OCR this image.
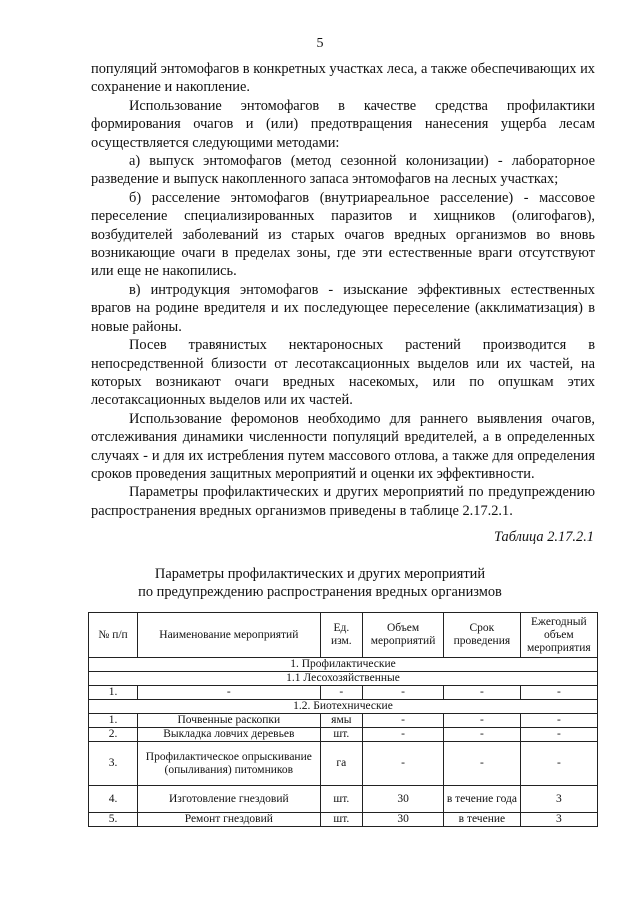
5

популяций энтомофагов в конкретных участках леса, а также обеспечивающих их сохранение и накопление.

Использование энтомофагов в качестве средства профилактики формирования очагов и (или) предотвращения нанесения ущерба лесам осуществляется следующими методами:

а) выпуск энтомофагов (метод сезонной колонизации) - лабораторное разведение и выпуск накопленного запаса энтомофагов на лесных участках;

б) расселение энтомофагов (внутриареальное расселение) - массовое переселение специализированных паразитов и хищников (олигофагов), возбудителей заболеваний из старых очагов вредных организмов во вновь возникающие очаги в пределах зоны, где эти естественные враги отсутствуют или еще не накопились.

в) интродукция энтомофагов - изыскание эффективных естественных врагов на родине вредителя и их последующее переселение (акклиматизация) в новые районы.

Посев травянистых нектароносных растений производится в непосредственной близости от лесотаксационных выделов или их частей, на которых возникают очаги вредных насекомых, или по опушкам этих лесотаксационных выделов или их частей.

Использование феромонов необходимо для раннего выявления очагов, отслеживания динамики численности популяций вредителей, а в определенных случаях - и для их истребления путем массового отлова, а также для определения сроков проведения защитных мероприятий и оценки их эффективности.

Параметры профилактических и других мероприятий по предупреждению распространения вредных организмов приведены в таблице 2.17.2.1.

Таблица 2.17.2.1
Параметры профилактических и других мероприятий
по предупреждению распространения вредных организмов
№ п/п	Наименование мероприятий	Ед. изм.	Объем мероприятий	Срок проведения	Ежегодный объем мероприятия
1. Профилактические					
1.1 Лесохозяйственные					
1.	-	-	-	-	-
1.2. Биотехнические					
1.	Почвенные раскопки	ямы	-	-	-
2.	Выкладка ловчих деревьев	шт.	-	-	-
3.	Профилактическое опрыскивание (опыливания) питомников	га	-	-	-
4.	Изготовление гнездовий	шт.	30	в течение года	3
5.	Ремонт гнездовий	шт.	30	в течение	3
